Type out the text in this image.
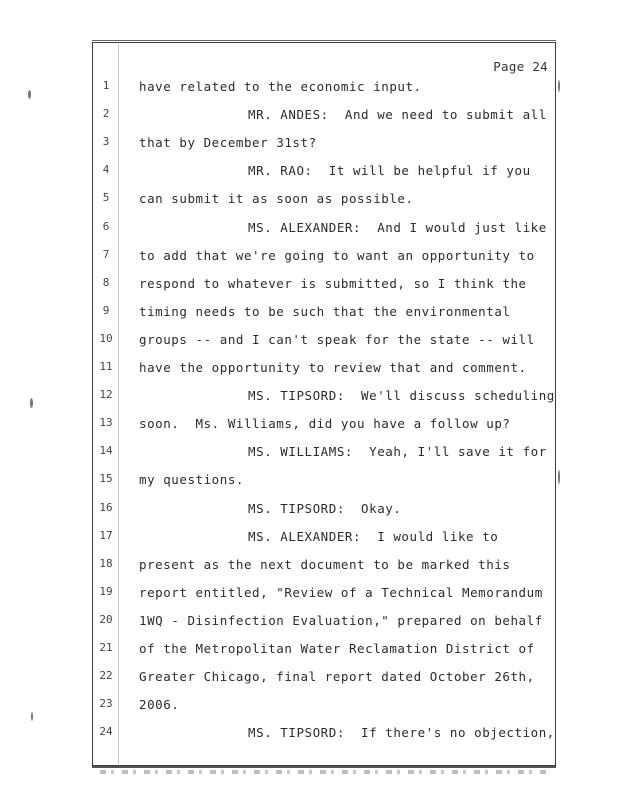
Page 24
1	have related to the economic input.
2	MR. ANDES:  And we need to submit all
3	that by December 31st?
4	MR. RAO:  It will be helpful if you
5	can submit it as soon as possible.
6	MS. ALEXANDER:  And I would just like
7	to add that we're going to want an opportunity to
8	respond to whatever is submitted, so I think the
9	timing needs to be such that the environmental
10 groups -- and I can't speak for the state -- will
11 have the opportunity to review that and comment.
12	MS. TIPSORD:  We'll discuss scheduling
13 soon.  Ms. Williams, did you have a follow up?
14	MS. WILLIAMS:  Yeah, I'll save it for
15 my questions.
16	MS. TIPSORD:  Okay.
17	MS. ALEXANDER:  I would like to
18 present as the next document to be marked this
19 report entitled, "Review of a Technical Memorandum
20 1WQ - Disinfection Evaluation," prepared on behalf
21 of the Metropolitan Water Reclamation District of
22 Greater Chicago, final report dated October 26th,
23 2006.
24	MS. TIPSORD:  If there's no objection,
